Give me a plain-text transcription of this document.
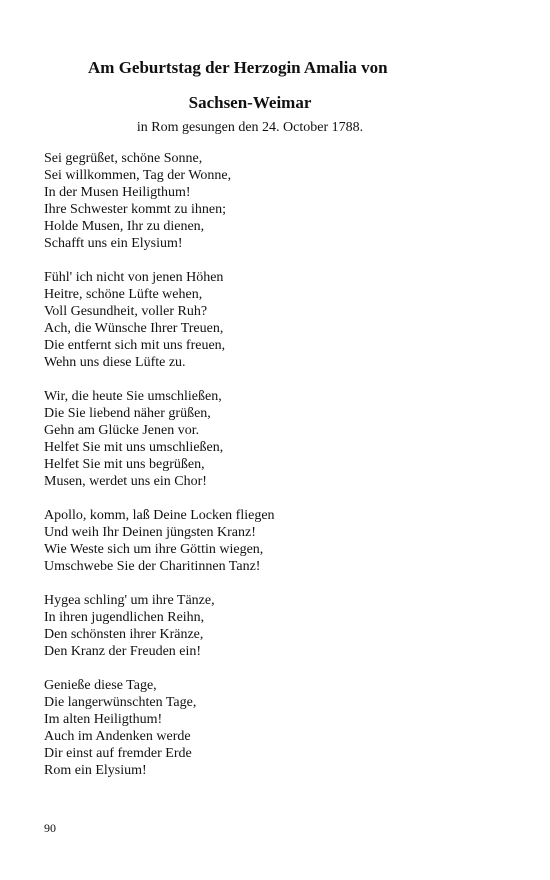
Am Geburtstag der Herzogin Amalia von
Sachsen-Weimar
in Rom gesungen den 24. October 1788.
Sei gegrüßet, schöne Sonne,
Sei willkommen, Tag der Wonne,
In der Musen Heiligthum!
Ihre Schwester kommt zu ihnen;
Holde Musen, Ihr zu dienen,
Schafft uns ein Elysium!
Fühl' ich nicht von jenen Höhen
Heitre, schöne Lüfte wehen,
Voll Gesundheit, voller Ruh?
Ach, die Wünsche Ihrer Treuen,
Die entfernt sich mit uns freuen,
Wehn uns diese Lüfte zu.
Wir, die heute Sie umschließen,
Die Sie liebend näher grüßen,
Gehn am Glücke Jenen vor.
Helfet Sie mit uns umschließen,
Helfet Sie mit uns begrüßen,
Musen, werdet uns ein Chor!
Apollo, komm, laß Deine Locken fliegen
Und weih Ihr Deinen jüngsten Kranz!
Wie Weste sich um ihre Göttin wiegen,
Umschwebe Sie der Charitinnen Tanz!
Hygea schling' um ihre Tänze,
In ihren jugendlichen Reihn,
Den schönsten ihrer Kränze,
Den Kranz der Freuden ein!
Genieße diese Tage,
Die langerwünschten Tage,
Im alten Heiligthum!
Auch im Andenken werde
Dir einst auf fremder Erde
Rom ein Elysium!
90
